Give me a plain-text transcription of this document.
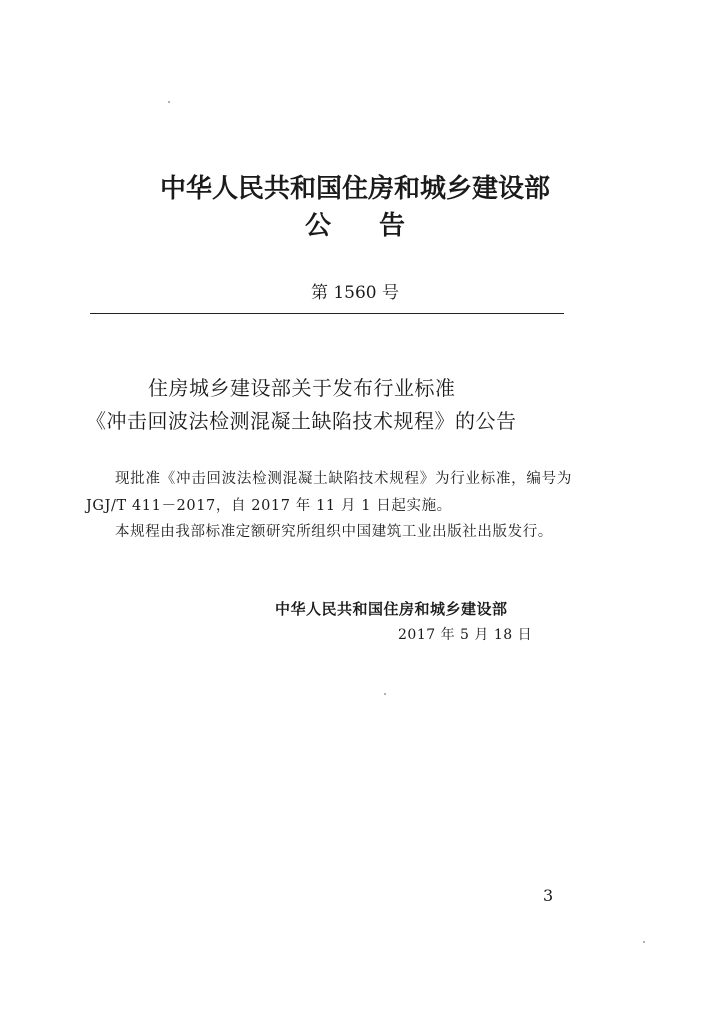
中华人民共和国住房和城乡建设部
公 告
第 1560 号
住房城乡建设部关于发布行业标准
《冲击回波法检测混凝土缺陷技术规程》的公告

现批准《冲击回波法检测混凝土缺陷技术规程》为行业标准，编号为 JGJ/T 411－2017，自 2017 年 11 月 1 日起实施。

本规程由我部标准定额研究所组织中国建筑工业出版社出版发行。

中华人民共和国住房和城乡建设部
2017 年 5 月 18 日
3
